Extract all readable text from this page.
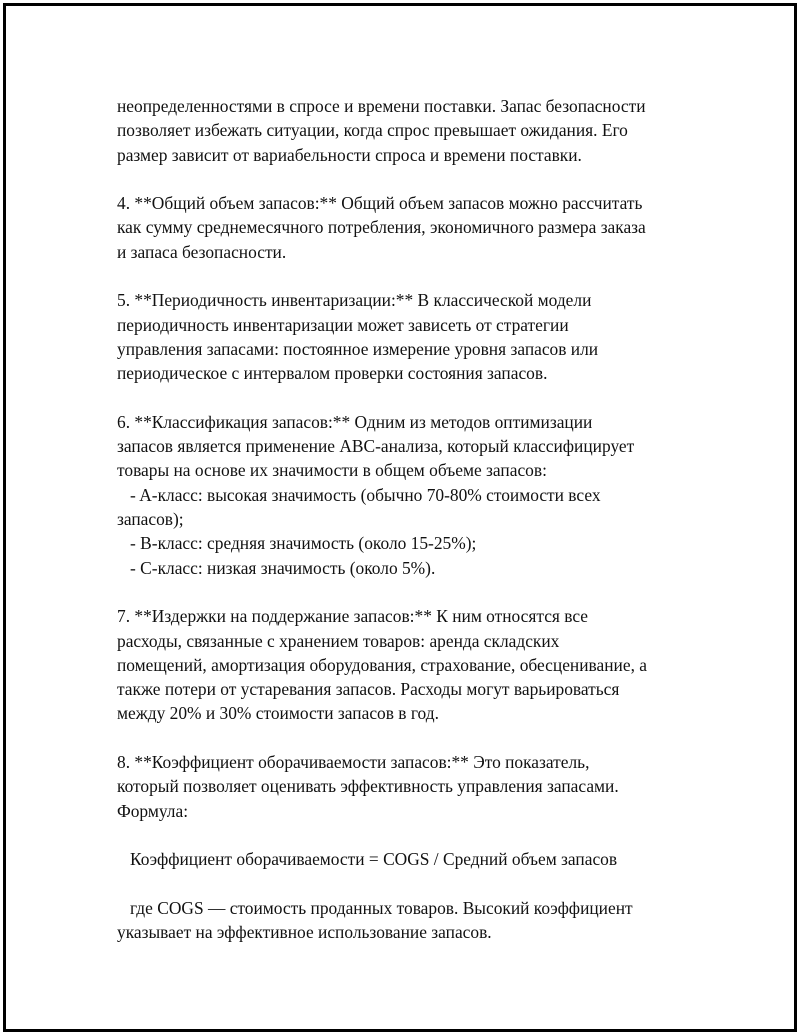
неопределенностями в спросе и времени поставки. Запас безопасности
позволяет избежать ситуации, когда спрос превышает ожидания. Его
размер зависит от вариабельности спроса и времени поставки.
4. **Общий объем запасов:** Общий объем запасов можно рассчитать
как сумму среднемесячного потребления, экономичного размера заказа
и запаса безопасности.
5. **Периодичность инвентаризации:** В классической модели
периодичность инвентаризации может зависеть от стратегии
управления запасами: постоянное измерение уровня запасов или
периодическое с интервалом проверки состояния запасов.
6. **Классификация запасов:** Одним из методов оптимизации
запасов является применение ABC-анализа, который классифицирует
товары на основе их значимости в общем объеме запасов:
- A-класс: высокая значимость (обычно 70-80% стоимости всех
запасов);
- B-класс: средняя значимость (около 15-25%);
- C-класс: низкая значимость (около 5%).
7. **Издержки на поддержание запасов:** К ним относятся все
расходы, связанные с хранением товаров: аренда складских
помещений, амортизация оборудования, страхование, обесценивание, а
также потери от устаревания запасов. Расходы могут варьироваться
между 20% и 30% стоимости запасов в год.
8. **Коэффициент оборачиваемости запасов:** Это показатель,
который позволяет оценивать эффективность управления запасами.
Формула:
Коэффициент оборачиваемости = COGS / Средний объем запасов
где COGS — стоимость проданных товаров. Высокий коэффициент
указывает на эффективное использование запасов.
